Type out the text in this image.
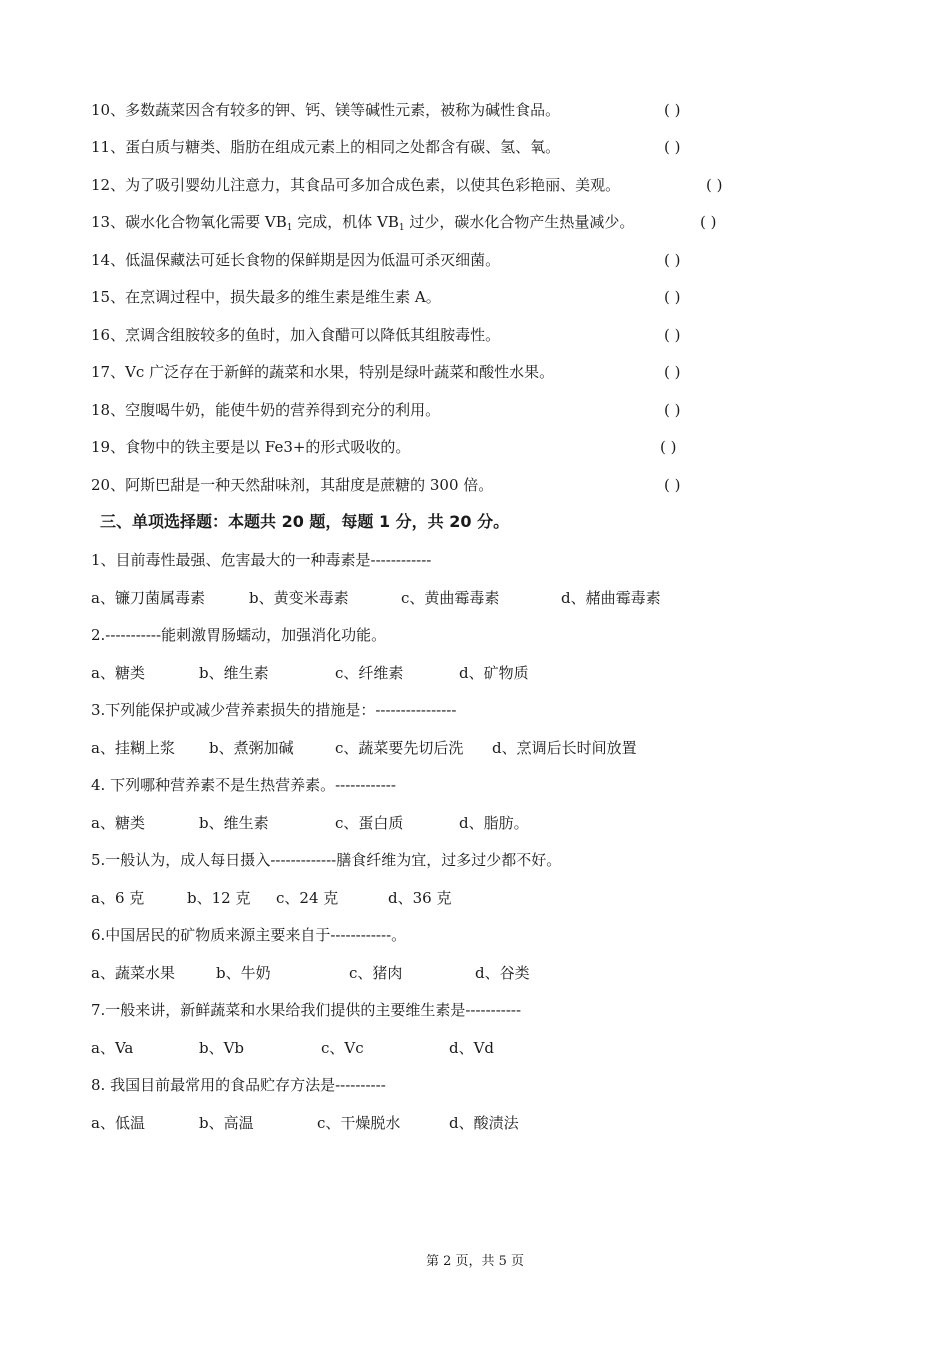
10、多数蔬菜因含有较多的钾、钙、镁等碱性元素，被称为碱性食品。	( )
11、蛋白质与糖类、脂肪在组成元素上的相同之处都含有碳、氢、氧。	( )
12、为了吸引婴幼儿注意力，其食品可多加合成色素，以使其色彩艳丽、美观。	( )
13、碳水化合物氧化需要 $VB_1$ 完成，机体 $VB_1$ 过少，碳水化合物产生热量减少。	( )
14、低温保藏法可延长食物的保鲜期是因为低温可杀灭细菌。	( )
15、在烹调过程中，损失最多的维生素是维生素 A。	( )
16、烹调含组胺较多的鱼时，加入食醋可以降低其组胺毒性。	( )
17、Vc 广泛存在于新鲜的蔬菜和水果，特别是绿叶蔬菜和酸性水果。	( )
18、空腹喝牛奶，能使牛奶的营养得到充分的利用。	( )
19、食物中的铁主要是以 Fe3+的形式吸收的。	( )
20、阿斯巴甜是一种天然甜味剂，其甜度是蔗糖的 300 倍。	( )
三、单项选择题：本题共 20 题，每题 1 分，共 20 分。
1、目前毒性最强、危害最大的一种毒素是------------
a、镰刀菌属毒素	b、黄变米毒素	c、黄曲霉毒素	d、赭曲霉毒素
2.-----------能刺激胃肠蠕动，加强消化功能。
a、糖类	b、维生素	c、纤维素	d、矿物质
3.下列能保护或减少营养素损失的措施是：----------------
a、挂糊上浆 b、煮粥加碱	c、蔬菜要先切后洗 d、烹调后长时间放置
4. 下列哪种营养素不是生热营养素。------------
a、糖类	b、维生素	c、蛋白质	d、脂肪。
5.一般认为，成人每日摄入-------------膳食纤维为宜，过多过少都不好。
a、6 克	b、12 克 c、24 克	d、36 克
6.中国居民的矿物质来源主要来自于------------。
a、蔬菜水果	b、牛奶	c、猪肉	d、谷类
7.一般来讲，新鲜蔬菜和水果给我们提供的主要维生素是-----------
a、Va	b、Vb	c、Vc	d、Vd
8. 我国目前最常用的食品贮存方法是----------
a、低温	b、高温	c、干燥脱水	d、酸渍法
第 2 页，共 5 页
